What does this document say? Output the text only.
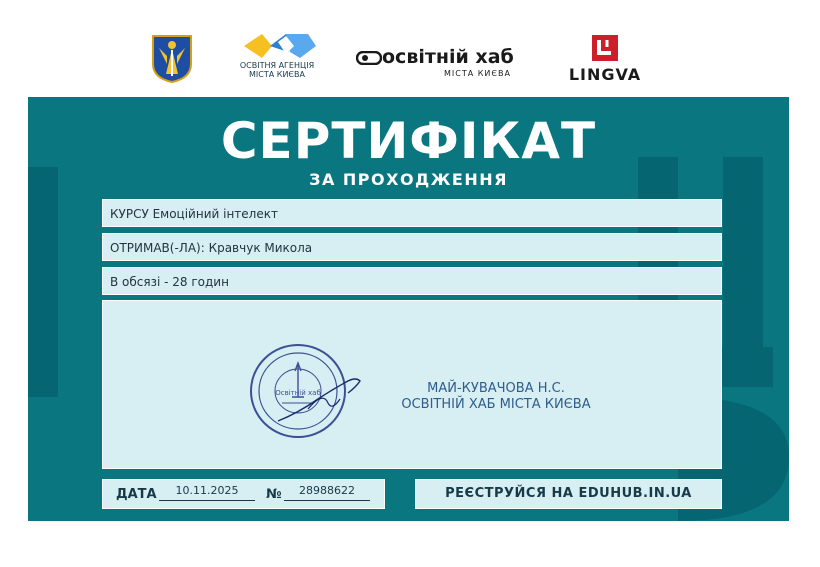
ОСВІТНЯ АГЕНЦІЯ
МІСТА КИЄВА
освітній хаб
МІСТА КИЄВА	LINGVA
СЕРТИФІКАТ
ЗА ПРОХОДЖЕННЯ
КУРСУ Емоційний інтелект
ОТРИМАВ(-ЛА): Кравчук Микола
В обсязі - 28 годин
Освітній хаб	МАЙ-КУВАЧОВА Н.С.
ОСВІТНІЙ ХАБ МІСТА КИЄВА
ДАТА	10.11.2025	№	28988622	РЕЄСТРУЙСЯ НА EDUHUB.IN.UA
